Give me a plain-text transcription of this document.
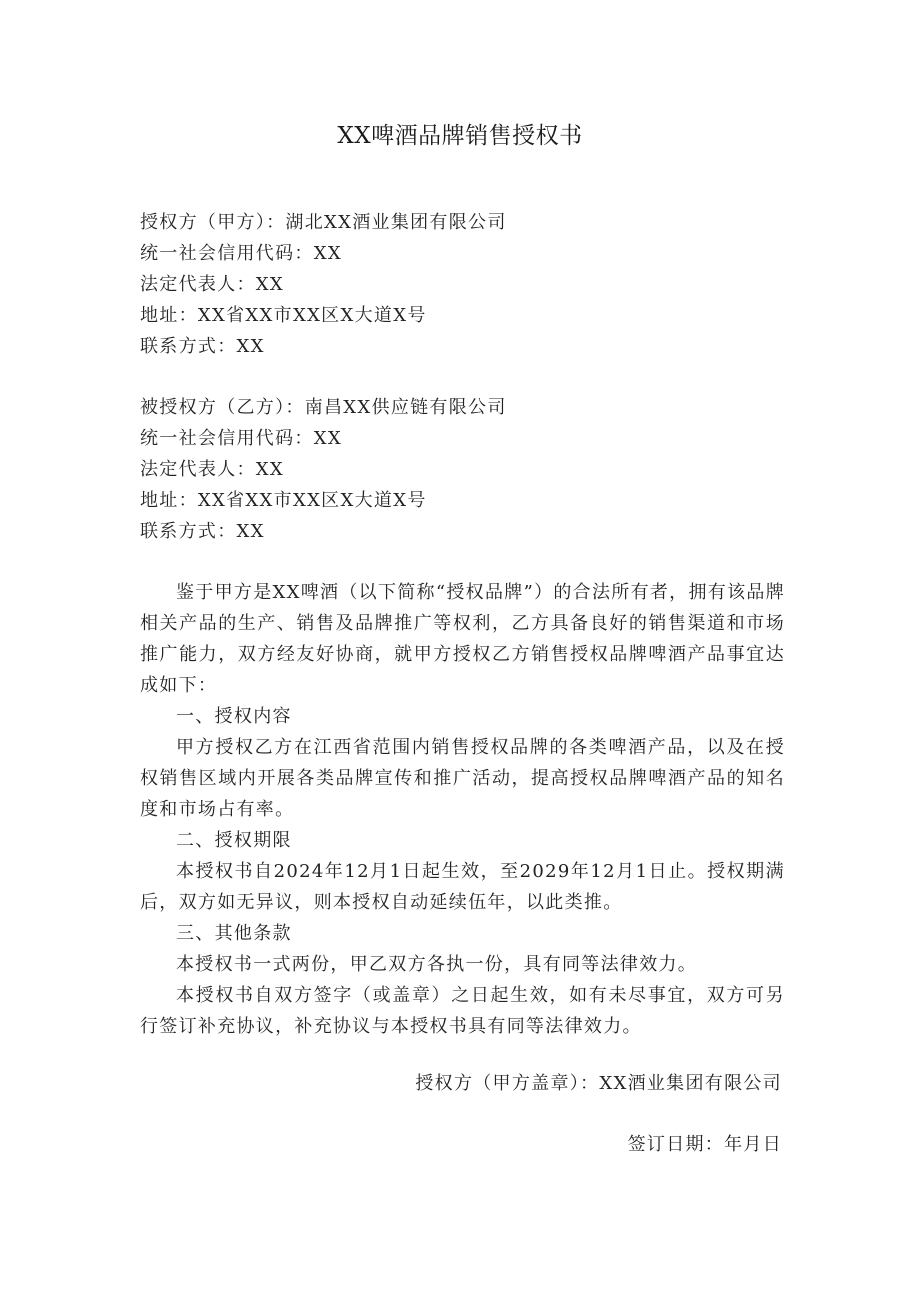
XX啤酒品牌销售授权书

授权方（甲方）：湖北XX酒业集团有限公司

统一社会信用代码：XX

法定代表人：XX

地址：XX省XX市XX区X大道X号

联系方式：XX

被授权方（乙方）：南昌XX供应链有限公司

统一社会信用代码：XX

法定代表人：XX

地址：XX省XX市XX区X大道X号

联系方式：XX

鉴于甲方是XX啤酒（以下简称“授权品牌”）的合法所有者，拥有该品牌相关产品的生产、销售及品牌推广等权利，乙方具备良好的销售渠道和市场推广能力，双方经友好协商，就甲方授权乙方销售授权品牌啤酒产品事宜达成如下：

一、授权内容

甲方授权乙方在江西省范围内销售授权品牌的各类啤酒产品，以及在授权销售区域内开展各类品牌宣传和推广活动，提高授权品牌啤酒产品的知名度和市场占有率。

二、授权期限

本授权书自2024年12月1日起生效，至2029年12月1日止。授权期满后，双方如无异议，则本授权自动延续伍年，以此类推。

三、其他条款

本授权书一式两份，甲乙双方各执一份，具有同等法律效力。

本授权书自双方签字（或盖章）之日起生效，如有未尽事宜，双方可另行签订补充协议，补充协议与本授权书具有同等法律效力。

授权方（甲方盖章）：XX酒业集团有限公司
签订日期：年月日
